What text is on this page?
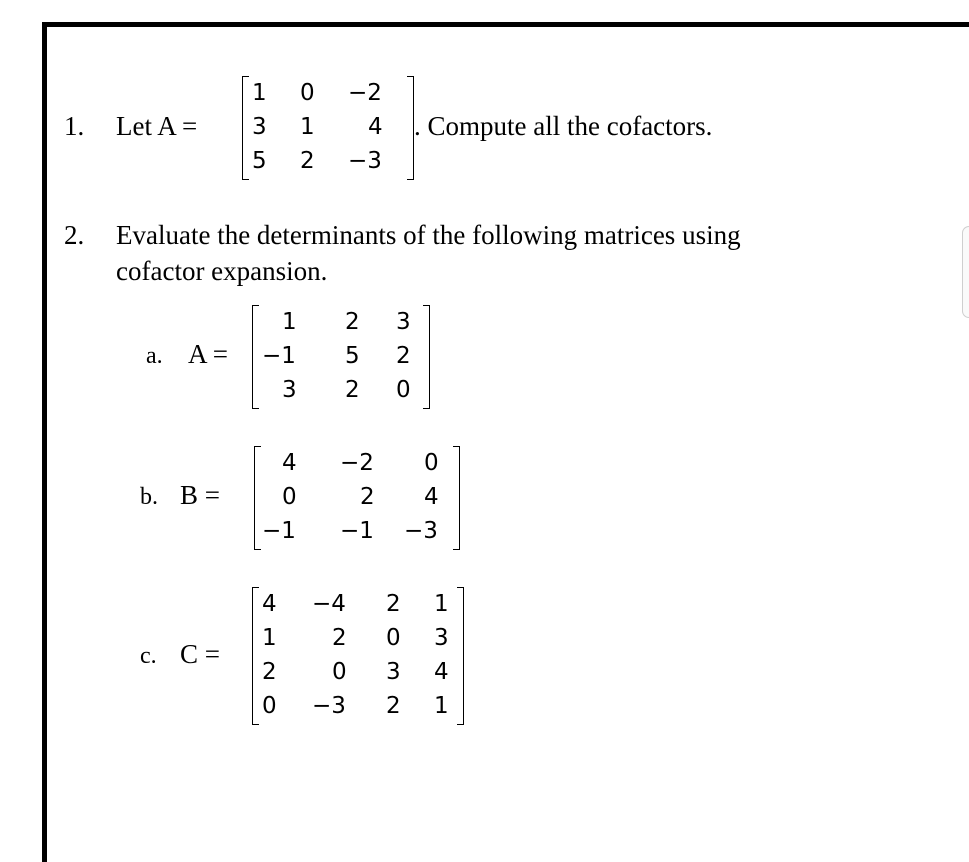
1. Let A =
1 0 −2
3 1 4
5 2 −3
. Compute all the cofactors.
2. Evaluate the determinants of the following matrices using
cofactor expansion.
a. A =
1 2 3
−1 5 2
3 2 0
b. B =
4 −2 0
0	2 4
−1 −1 −3
c. C =
4 −4 2 1
1 2 0 3
2 0 3 4
0 −3 2 1
